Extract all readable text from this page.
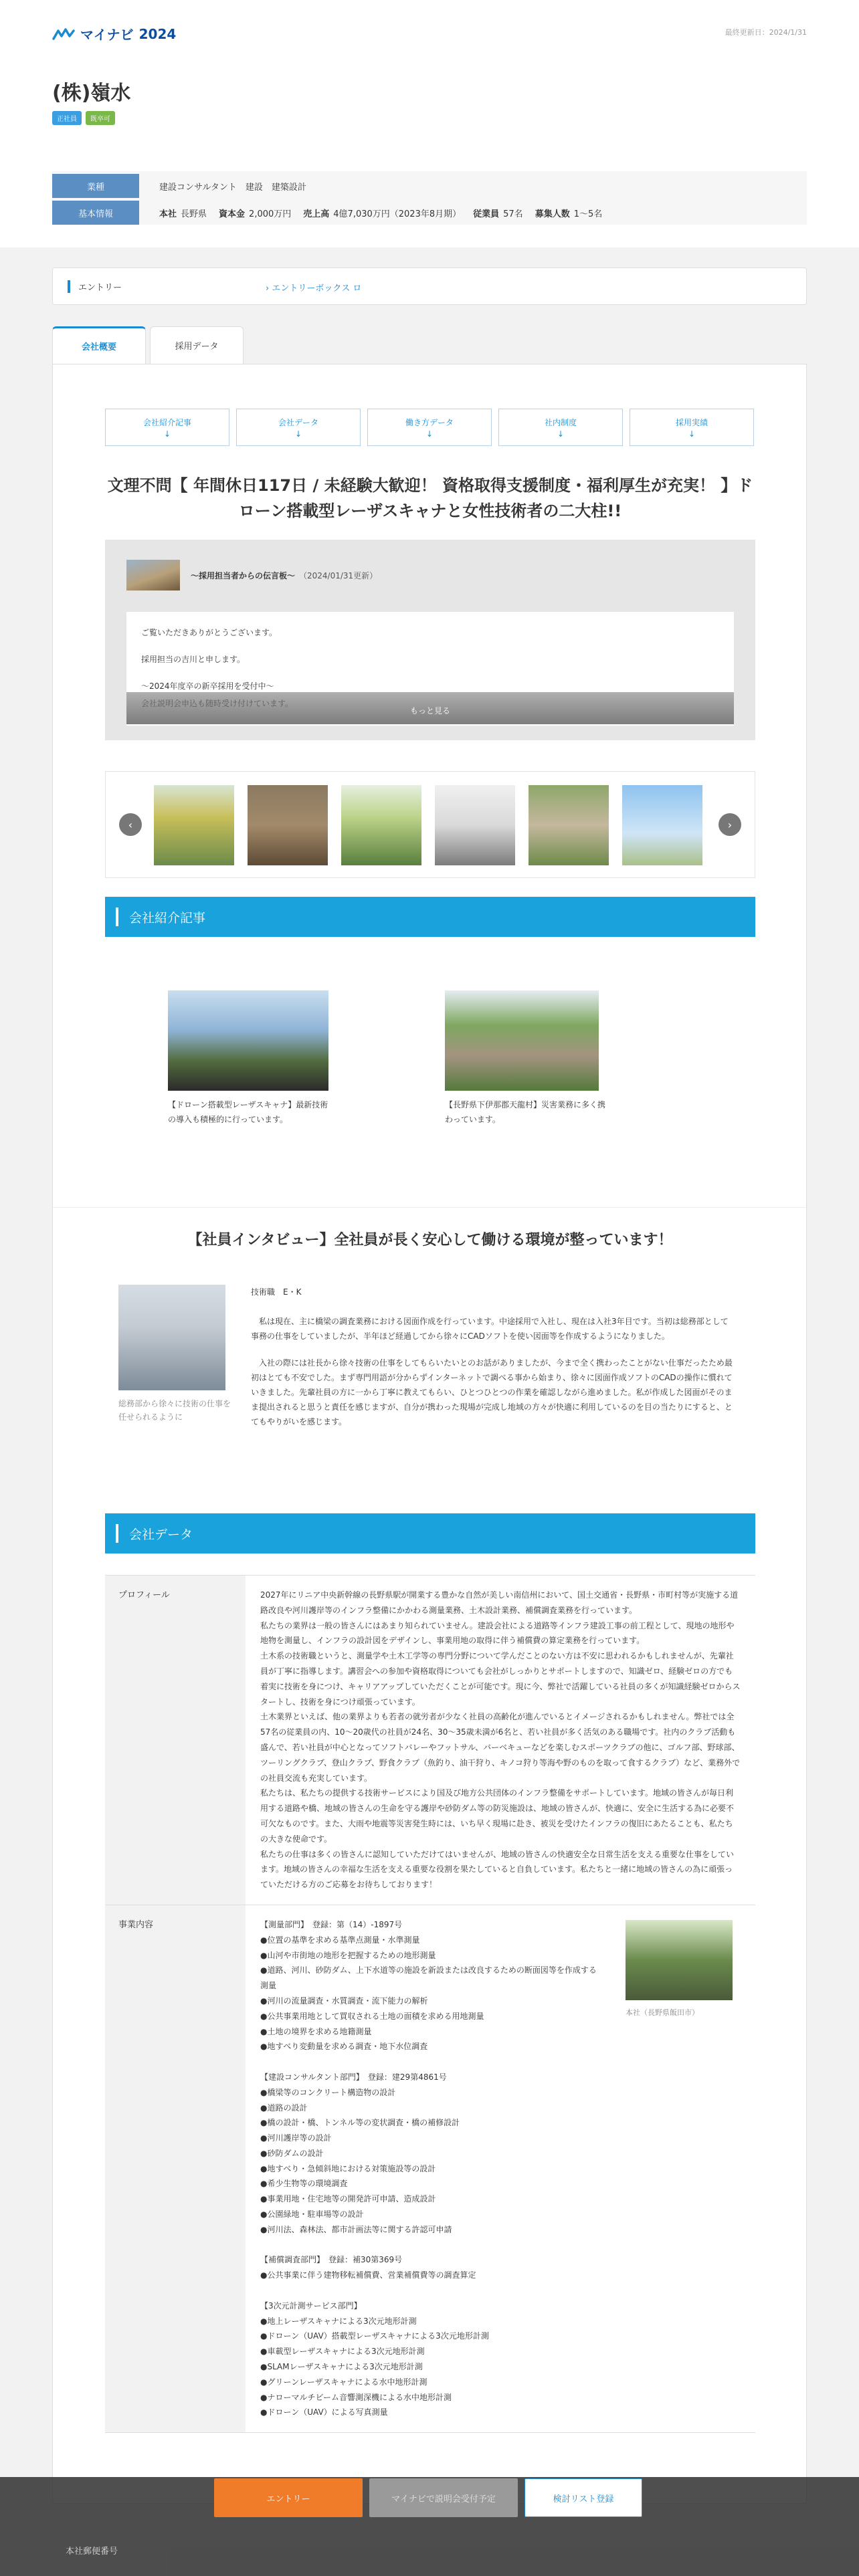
マイナビ 2024	最終更新日：2024/1/31
(株)嶺水
正社員	既卒可
業種	建設コンサルタント　建設　建築設計
基本情報	本社 長野県 資本金 2,000万円 売上高 4億7,030万円（2023年8月期） 従業員 57名 募集人数 1〜5名
エントリー	› エントリーボックス ロ
会社概要	採用データ
会社紹介記事
↓
会社データ
↓
働き方データ
↓
社内制度
↓
採用実績
↓
文理不問【 年間休日117日 / 未経験大歓迎！ 資格取得支援制度・福利厚生が充実！ 】ドローン搭載型レーザスキャナと女性技術者の二大柱!!
〜採用担当者からの伝言板〜 （2024/01/31更新）

ご覧いただきありがとうございます。

採用担当の吉川と申します。

〜2024年度卒の新卒採用を受付中〜

もっと見る
‹	›
会社紹介記事
【ドローン搭載型レーザスキャナ】最新技術の導入も積極的に行っています。
【長野県下伊那郡天龍村】災害業務に多く携わっています。
【社員インタビュー】全社員が長く安心して働ける環境が整っています！
総務部から徐々に技術の仕事を任せられるように
技術職　E・K

　私は現在、主に橋梁の調査業務における図面作成を行っています。中途採用で入社し、現在は入社3年目です。当初は総務部として事務の仕事をしていましたが、半年ほど経過してから徐々にCADソフトを使い図面等を作成するようになりました。

　入社の際には社長から徐々技術の仕事をしてもらいたいとのお話がありましたが、今まで全く携わったことがない仕事だったため最初はとても不安でした。まず専門用語が分からずインターネットで調べる事から始まり、徐々に図面作成ソフトのCADの操作に慣れていきました。先輩社員の方に一から丁寧に教えてもらい、ひとつひとつの作業を確認しながら進めました。私が作成した図面がそのまま提出されると思うと責任を感じますが、自分が携わった現場が完成し地域の方々が快適に利用しているのを目の当たりにすると、とてもやりがいを感じます。

会社データ
プロフィール	2027年にリニア中央新幹線の長野県駅が開業する豊かな自然が美しい南信州において、国土交通省・長野県・市町村等が実施する道路改良や河川護岸等のインフラ整備にかかわる測量業務、土木設計業務、補償調査業務を行っています。
私たちの業界は一般の皆さんにはあまり知られていません。建設会社による道路等インフラ建設工事の前工程として、現地の地形や地物を測量し、インフラの設計図をデザインし、事業用地の取得に伴う補償費の算定業務を行っています。
土木系の技術職というと、測量学や土木工学等の専門分野について学んだことのない方は不安に思われるかもしれませんが、先輩社員が丁寧に指導します。講習会への参加や資格取得についても会社がしっかりとサポートしますので、知識ゼロ、経験ゼロの方でも着実に技術を身につけ、キャリアアップしていただくことが可能です。現に今、弊社で活躍している社員の多くが知識経験ゼロからスタートし、技術を身につけ頑張っています。
土木業界といえば、他の業界よりも若者の就労者が少なく社員の高齢化が進んでいるとイメージされるかもしれません。弊社では全57名の従業員の内、10〜20歳代の社員が24名、30〜35歳未満が6名と、若い社員が多く活気のある職場です。社内のクラブ活動も盛んで、若い社員が中心となってソフトバレーやフットサル、バーベキューなどを楽しむスポーツクラブの他に、ゴルフ部、野球部、ツーリングクラブ、登山クラブ、野食クラブ（魚釣り、油干狩り、キノコ狩り等海や野のものを取って食するクラブ）など、業務外での社員交流も充実しています。
私たちは、私たちの提供する技術サービスにより国及び地方公共団体のインフラ整備をサポートしています。地域の皆さんが毎日利用する道路や橋、地域の皆さんの生命を守る護岸や砂防ダム等の防災施設は、地域の皆さんが、快適に、安全に生活する為に必要不可欠なものです。また、大雨や地震等災害発生時には、いち早く現場に赴き、被災を受けたインフラの復旧にあたることも、私たちの大きな使命です。
私たちの仕事は多くの皆さんに認知していただけてはいませんが、地域の皆さんの快適安全な日常生活を支える重要な仕事をしています。地域の皆さんの幸福な生活を支える重要な役割を果たしていると自負しています。私たちと一緒に地域の皆さんの為に頑張っていただける方のご応募をお待ちしております！

事業内容	【測量部門】　登録：第（14）-1897号
●位置の基準を求める基準点測量・水準測量
●山河や市街地の地形を把握するための地形測量
●道路、河川、砂防ダム、上下水道等の施設を新設または改良するための断面図等を作成する測量
●河川の流量調査・水質調査・流下能力の解析
●公共事業用地として買収される土地の面積を求める用地測量
●土地の境界を求める地籍測量
●地すべり変動量を求める調査・地下水位調査

【建設コンサルタント部門】　登録：建29第4861号
●橋梁等のコンクリート構造物の設計
●道路の設計
●橋の設計・橋、トンネル等の変状調査・橋の補修設計
●河川護岸等の設計
●砂防ダムの設計
●地すべり・急傾斜地における対策施設等の設計
●希少生物等の環境調査
●事業用地・住宅地等の開発許可申請、造成設計
●公園緑地・駐車場等の設計
●河川法、森林法、都市計画法等に関する許認可申請

【補償調査部門】　登録：補30第369号
●公共事業に伴う建物移転補償費、営業補償費等の調査算定

【3次元計測サービス部門】
●地上レーザスキャナによる3次元地形計測
●ドローン（UAV）搭載型レーザスキャナによる3次元地形計測
●車載型レーザスキャナによる3次元地形計測
●SLAMレーザスキャナによる3次元地形計測
●グリーンレーザスキャナによる水中地形計測
●ナローマルチビーム音響測深機による水中地形計測
●ドローン（UAV）による写真測量

本社（長野県飯田市）
エントリー	マイナビで説明会受付予定	検討リスト登録
本社郵便番号
